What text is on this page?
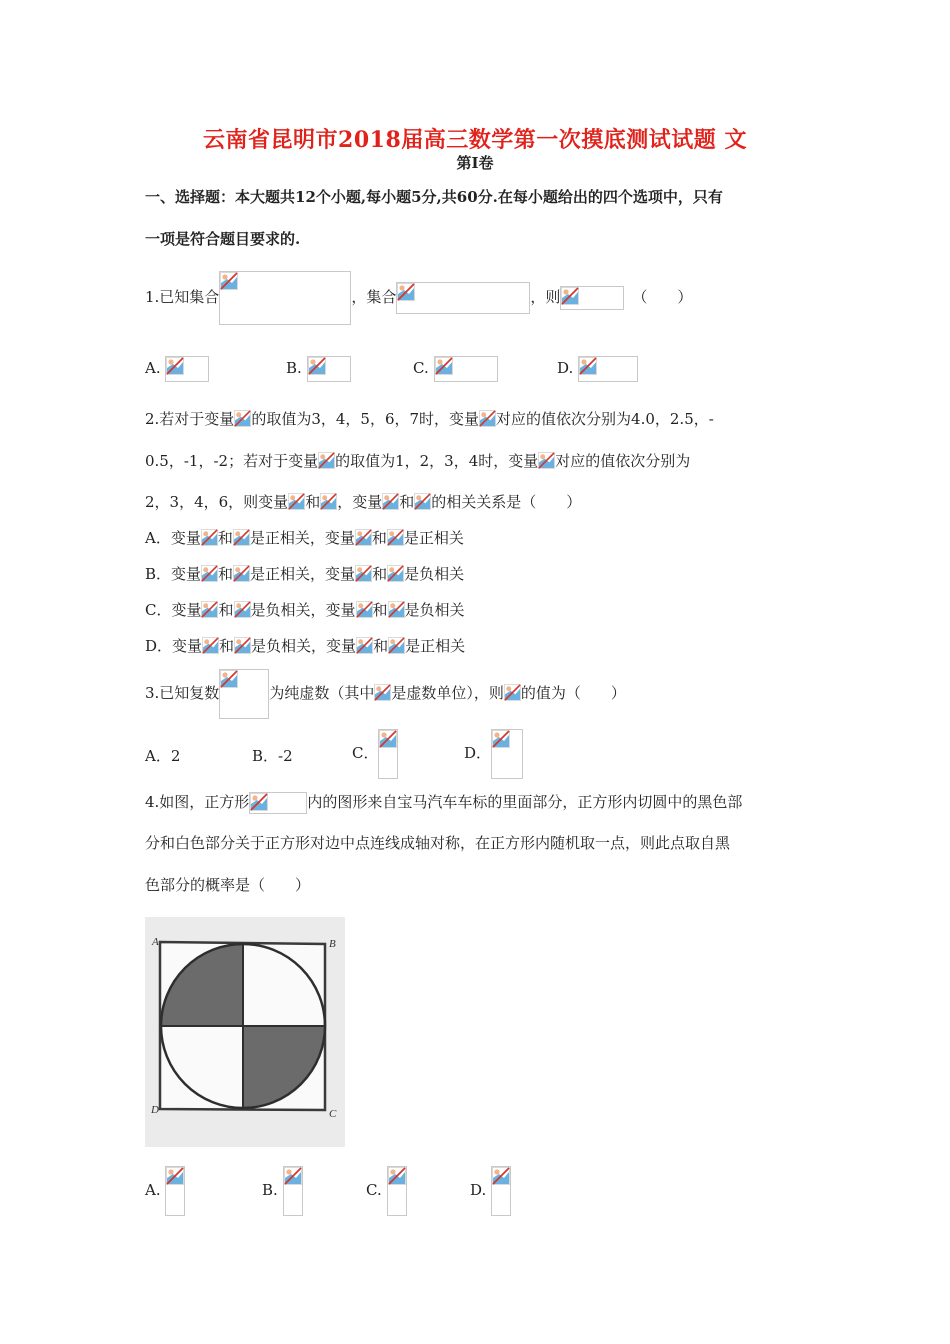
云南省昆明市2018届高三数学第一次摸底测试试题 文
第I卷
一、选择题：本大题共12个小题,每小题5分,共60分.在每小题给出的四个选项中，只有
一项是符合题目要求的.
1.已知集合	，集合	，则	（　　）
A.	B.	C.	D.
2.若对于变量 的取值为3，4，5，6，7时，变量 对应的值依次分别为4.0，2.5，-
0.5，-1，-2；若对于变量 的取值为1，2，3，4时，变量 对应的值依次分别为
2，3，4，6，则变量 和 ，变量 和 的相关关系是（　　）
A．变量 和 是正相关，变量 和 是正相关
B．变量 和 是正相关，变量 和 是负相关
C．变量 和 是负相关，变量 和 是负相关
D．变量 和 是负相关，变量 和 是正相关
3.已知复数	为纯虚数（其中 是虚数单位），则 的值为（　　）
A．2	B．-2	C．	D．
4.如图，正方形	内的图形来自宝马汽车车标的里面部分，正方形内切圆中的黑色部
分和白色部分关于正方形对边中点连线成轴对称，在正方形内随机取一点，则此点取自黑
色部分的概率是（　　）
A	B
C
D
A.	B.	C.	D.
